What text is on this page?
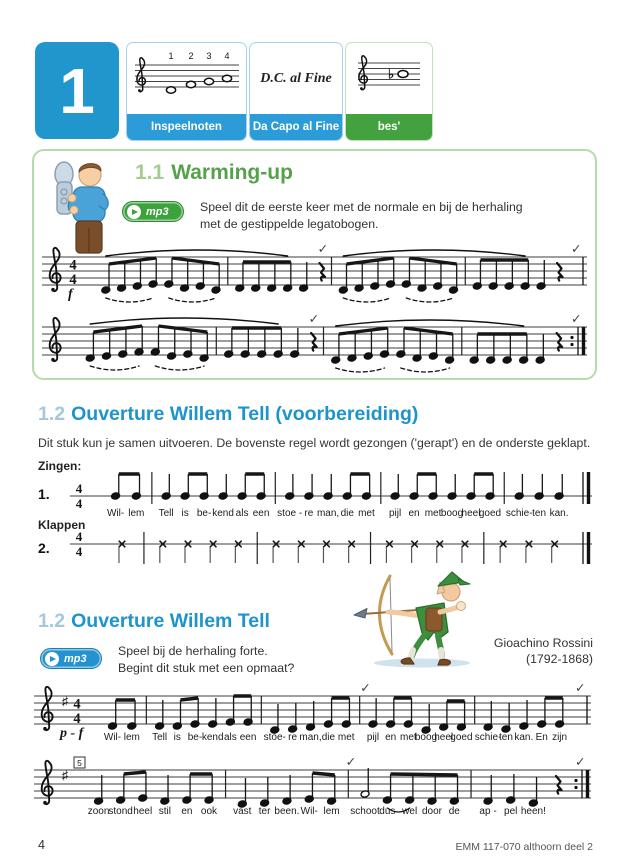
1	1 2 3 4
Inspeelnoten
D.C. al Fine
Da Capo al Fine
♭
bes'
1.1 Warming-up
mp3	Speel dit de eerste keer met de normale en bij de herhaling
met de gestippelde legatobogen.
4
4
✓	✓
f
✓	✓
1.2 Ouverture Willem Tell (voorbereiding)
Dit stuk kun je samen uitvoeren. De bovenste regel wordt gezongen ('gerapt') en de onderste geklapt.
Zingen:
1. 4
4
Wil- lem Tell is be- kend als een stoe - re man, die met pijl en met boog
heel
goed schie- ten kan.
Klappen
2.
4
4
1.2 Ouverture Willem Tell
mp3
Speel bij de herhaling forte.
Begint dit stuk met een opmaat?
Gioachino Rossini
(1792-1868)
♯ 4
4
✓	✓
Wil- lem Tell is be- kend als een stoe- re man, die met pijl en met
boog
heel
goed schie-
ten kan. En zijn
p - f
♯
5	✓	✓
zoon stond heel stil en ook vast ter been. Wil- lem schoot dus wel door de ap - pel heen!
4	EMM 117-070 althoorn deel 2
